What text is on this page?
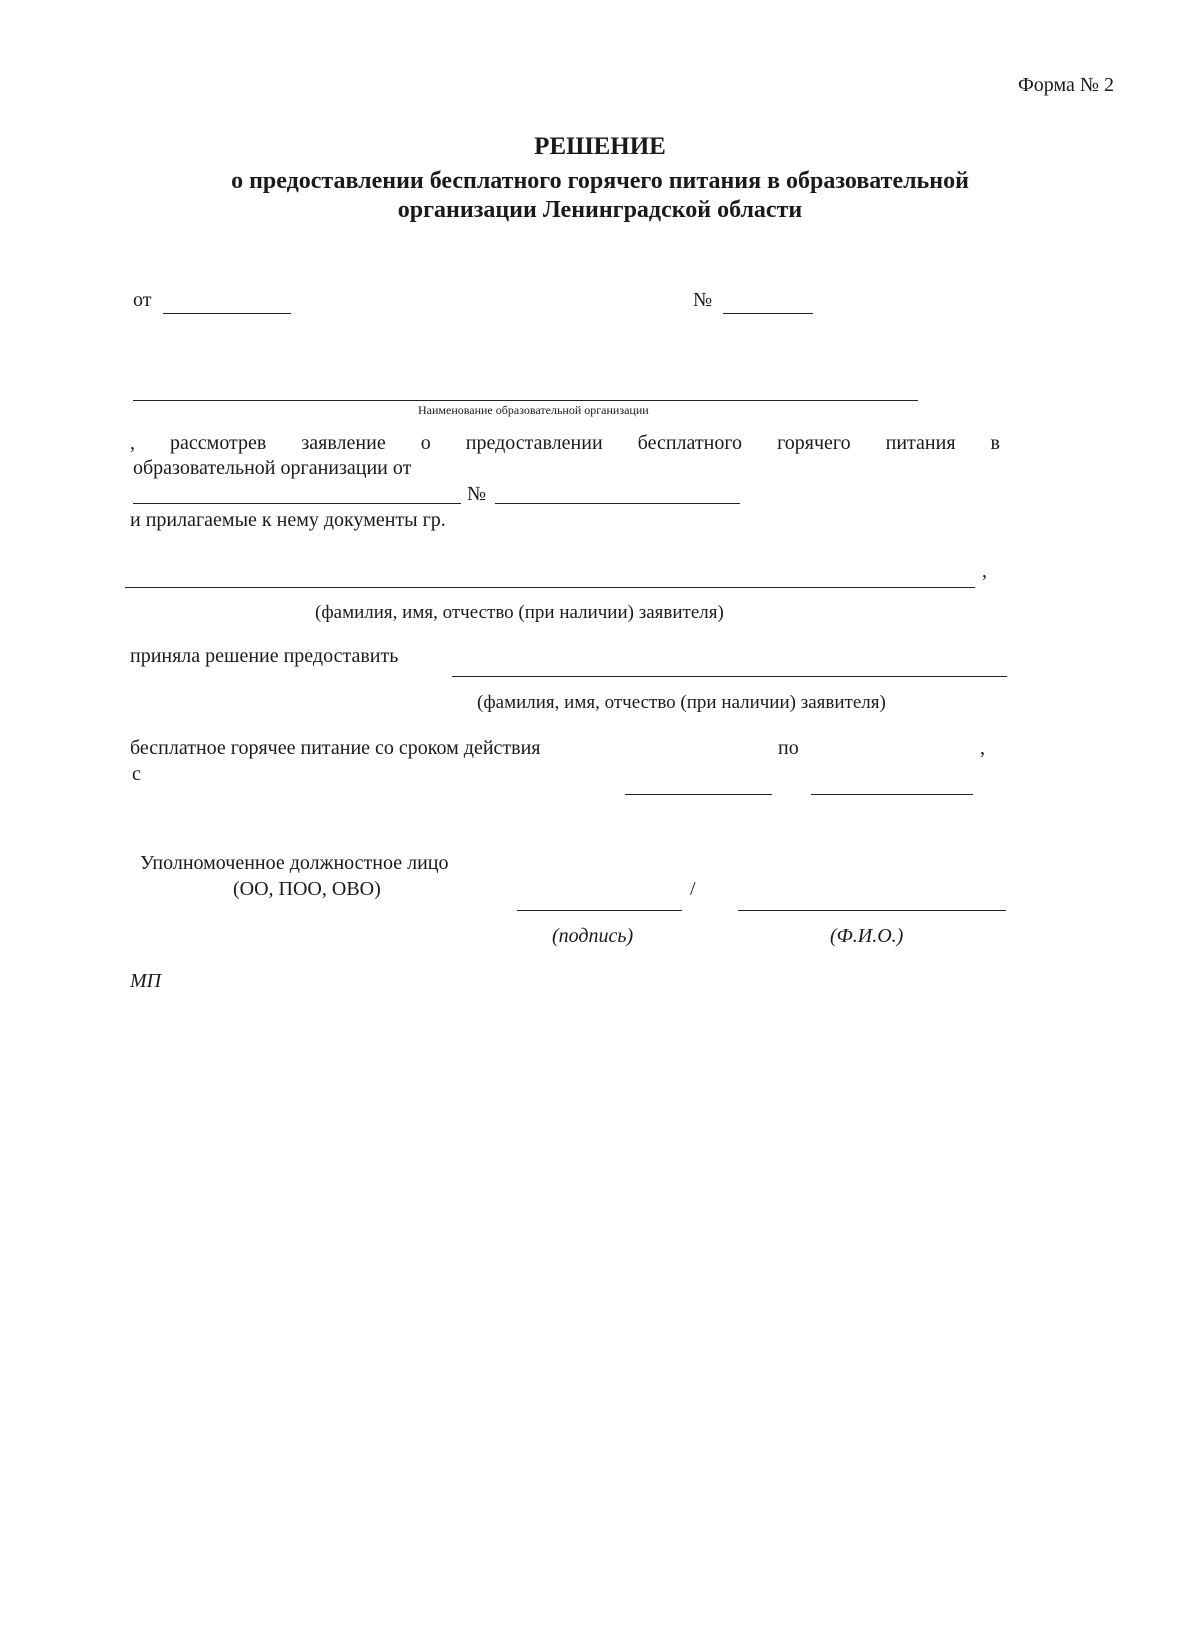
Форма № 2
РЕШЕНИЕ
о предоставлении бесплатного горячего питания в образовательной
организации Ленинградской области
от	№
Наименование образовательной организации
, рассмотрев заявление о предоставлении бесплатного горячего питания в
образовательной организации от
№
и прилагаемые к нему документы гр.
,
(фамилия, имя, отчество (при наличии) заявителя)
приняла решение предоставить
(фамилия, имя, отчество (при наличии) заявителя)
бесплатное горячее питание со сроком действия
с
по	,
Уполномоченное должностное лицо
(ОО, ПОО, ОВО)	/
(подпись)	(Ф.И.О.)
МП
